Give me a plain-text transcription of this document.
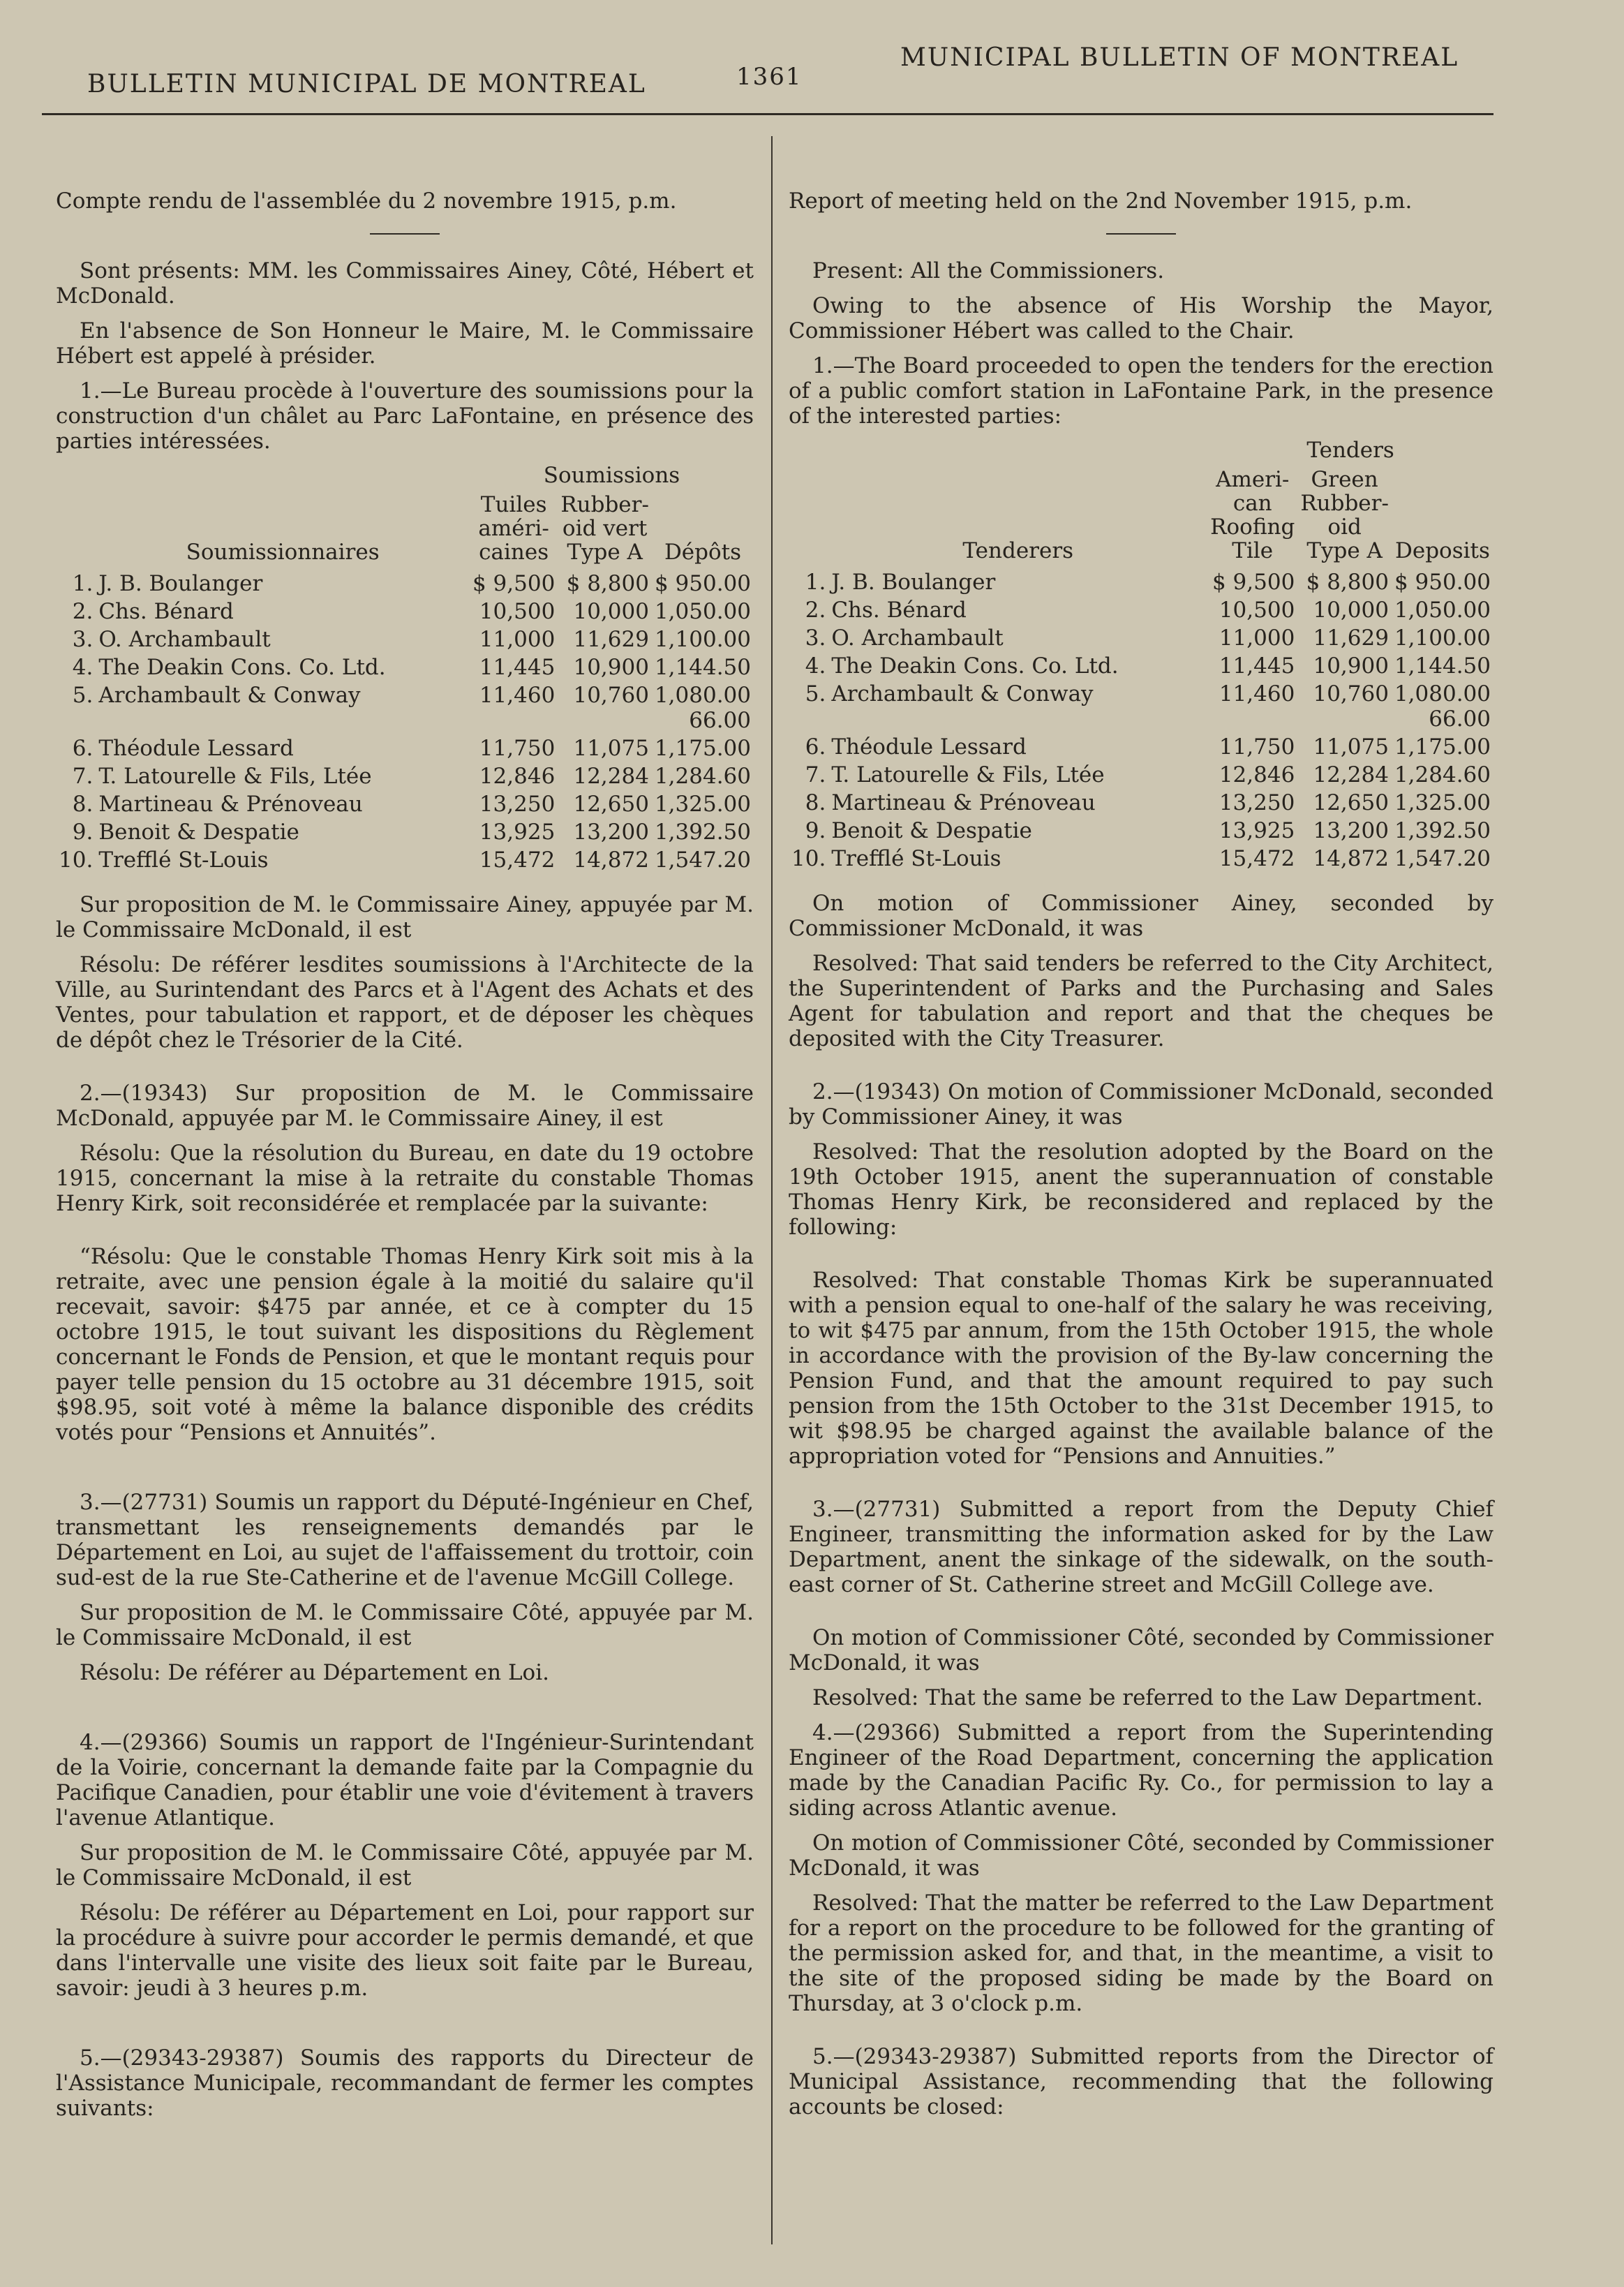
BULLETIN MUNICIPAL DE MONTREAL	1361
MUNICIPAL BULLETIN OF MONTREAL

Compte rendu de l'assemblée du 2 novembre 1915, p.m.

Sont présents: MM. les Commissaires Ainey, Côté, Hébert et McDonald.

En l'absence de Son Honneur le Maire, M. le Commissaire Hébert est appelé à présider.

1.—Le Bureau procède à l'ouverture des soumissions pour la construction d'un châlet au Parc LaFontaine, en présence des parties intéressées.

		Soumissions		
	Soumissionnaires	Tuiles améri-caines	Rubber-oid vert Type A	Dépôts
1.	J. B. Boulanger	$ 9,500	$ 8,800	$ 950.00

2.	Chs. Bénard	10,500	10,000	1,050.00

3.	O. Archambault	11,000	11,629	1,100.00

4.	The Deakin Cons. Co. Ltd.	11,445	10,900	1,144.50

5.	Archambault & Conway	11,460	10,760	1,080.00
66.00

6.	Théodule Lessard	11,750	11,075	1,175.00

7.	T. Latourelle & Fils, Ltée	12,846	12,284	1,284.60

8.	Martineau & Prénoveau	13,250	12,650	1,325.00

9.	Benoit & Despatie	13,925	13,200	1,392.50

10.	Trefflé St-Louis	15,472	14,872	1,547.20

Sur proposition de M. le Commissaire Ainey, appuyée par M. le Commissaire McDonald, il est

Résolu: De référer lesdites soumissions à l'Architecte de la Ville, au Surintendant des Parcs et à l'Agent des Achats et des Ventes, pour tabulation et rapport, et de déposer les chèques de dépôt chez le Trésorier de la Cité.

2.—(19343) Sur proposition de M. le Commissaire McDonald, appuyée par M. le Commissaire Ainey, il est

Résolu: Que la résolution du Bureau, en date du 19 octobre 1915, concernant la mise à la retraite du constable Thomas Henry Kirk, soit reconsidérée et remplacée par la suivante:

“Résolu: Que le constable Thomas Henry Kirk soit mis à la retraite, avec une pension égale à la moitié du salaire qu'il recevait, savoir: $475 par année, et ce à compter du 15 octobre 1915, le tout suivant les dispositions du Règlement concernant le Fonds de Pension, et que le montant requis pour payer telle pension du 15 octobre au 31 décembre 1915, soit $98.95, soit voté à même la balance disponible des crédits votés pour “Pensions et Annuités”.

3.—(27731) Soumis un rapport du Député-Ingénieur en Chef, transmettant les renseignements demandés par le Département en Loi, au sujet de l'affaissement du trottoir, coin sud-est de la rue Ste-Catherine et de l'avenue McGill College.

Sur proposition de M. le Commissaire Côté, appuyée par M. le Commissaire McDonald, il est

Résolu: De référer au Département en Loi.

4.—(29366) Soumis un rapport de l'Ingénieur-Surintendant de la Voirie, concernant la demande faite par la Compagnie du Pacifique Canadien, pour établir une voie d'évitement à travers l'avenue Atlantique.

Sur proposition de M. le Commissaire Côté, appuyée par M. le Commissaire McDonald, il est

Résolu: De référer au Département en Loi, pour rapport sur la procédure à suivre pour accorder le permis demandé, et que dans l'intervalle une visite des lieux soit faite par le Bureau, savoir: jeudi à 3 heures p.m.

5.—(29343-29387) Soumis des rapports du Directeur de l'Assistance Municipale, recommandant de fermer les comptes suivants:

Report of meeting held on the 2nd November 1915, p.m.

Present: All the Commissioners.

Owing to the absence of His Worship the Mayor, Commissioner Hébert was called to the Chair.

1.—The Board proceeded to open the tenders for the erection of a public comfort station in LaFontaine Park, in the presence of the interested parties:

		Tenders		
	Tenderers	Ameri-can Roofing Tile	Green Rubber-oid Type A	Deposits
1.	J. B. Boulanger	$ 9,500	$ 8,800	$ 950.00

2.	Chs. Bénard	10,500	10,000	1,050.00

3.	O. Archambault	11,000	11,629	1,100.00

4.	The Deakin Cons. Co. Ltd.	11,445	10,900	1,144.50

5.	Archambault & Conway	11,460	10,760	1,080.00
66.00

6.	Théodule Lessard	11,750	11,075	1,175.00

7.	T. Latourelle & Fils, Ltée	12,846	12,284	1,284.60

8.	Martineau & Prénoveau	13,250	12,650	1,325.00

9.	Benoit & Despatie	13,925	13,200	1,392.50

10.	Trefflé St-Louis	15,472	14,872	1,547.20

On motion of Commissioner Ainey, seconded by Commissioner McDonald, it was

Resolved: That said tenders be referred to the City Architect, the Superintendent of Parks and the Purchasing and Sales Agent for tabulation and report and that the cheques be deposited with the City Treasurer.

2.—(19343) On motion of Commissioner McDonald, seconded by Commissioner Ainey, it was

Resolved: That the resolution adopted by the Board on the 19th October 1915, anent the superannuation of constable Thomas Henry Kirk, be reconsidered and replaced by the following:

Resolved: That constable Thomas Kirk be superannuated with a pension equal to one-half of the salary he was receiving, to wit $475 par annum, from the 15th October 1915, the whole in accordance with the provision of the By-law concerning the Pension Fund, and that the amount required to pay such pension from the 15th October to the 31st December 1915, to wit $98.95 be charged against the available balance of the appropriation voted for “Pensions and Annuities.”

3.—(27731) Submitted a report from the Deputy Chief Engineer, transmitting the information asked for by the Law Department, anent the sinkage of the sidewalk, on the south-east corner of St. Catherine street and McGill College ave.

On motion of Commissioner Côté, seconded by Commissioner McDonald, it was

Resolved: That the same be referred to the Law Department.

4.—(29366) Submitted a report from the Superintending Engineer of the Road Department, concerning the application made by the Canadian Pacific Ry. Co., for permission to lay a siding across Atlantic avenue.

On motion of Commissioner Côté, seconded by Commissioner McDonald, it was

Resolved: That the matter be referred to the Law Department for a report on the procedure to be followed for the granting of the permission asked for, and that, in the meantime, a visit to the site of the proposed siding be made by the Board on Thursday, at 3 o'clock p.m.

5.—(29343-29387) Submitted reports from the Director of Municipal Assistance, recommending that the following accounts be closed:
